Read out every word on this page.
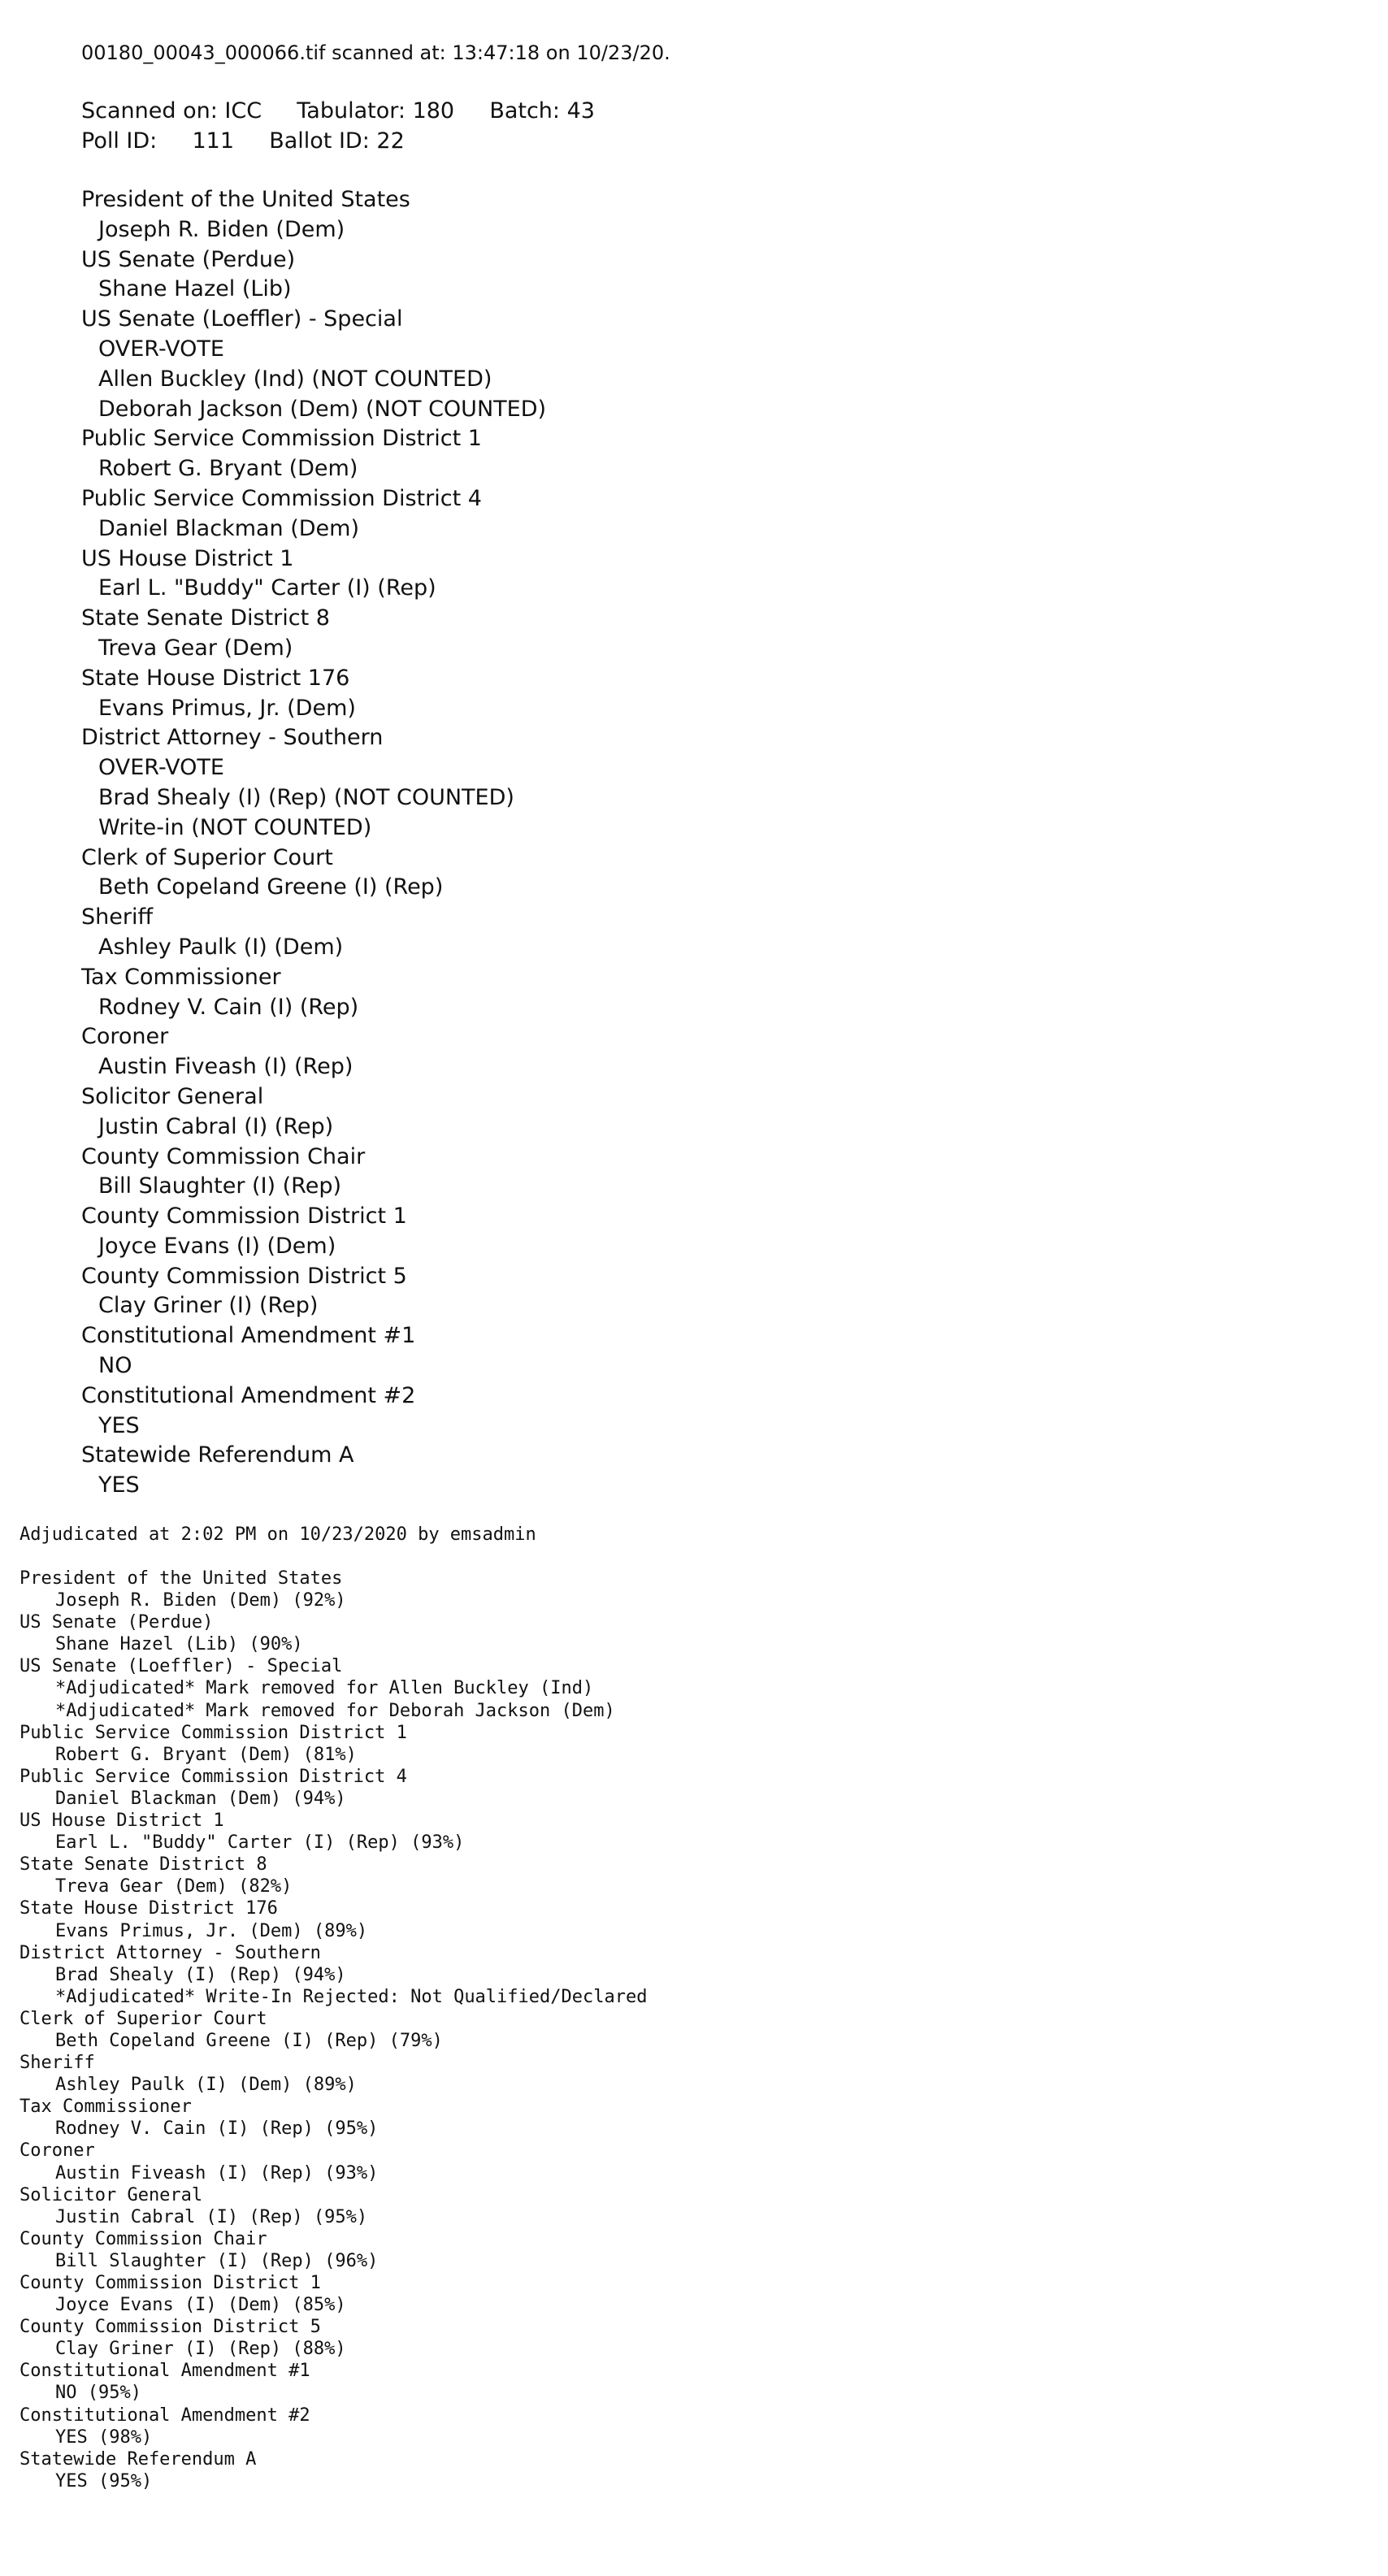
00180_00043_000066.tif scanned at: 13:47:18 on 10/23/20.
Scanned on: ICC Tabulator: 180 Batch: 43
Poll ID: 111 Ballot ID: 22
President of the United States
Joseph R. Biden (Dem)
US Senate (Perdue)
Shane Hazel (Lib)
US Senate (Loeffler) - Special
OVER-VOTE
Allen Buckley (Ind) (NOT COUNTED)
Deborah Jackson (Dem) (NOT COUNTED)
Public Service Commission District 1
Robert G. Bryant (Dem)
Public Service Commission District 4
Daniel Blackman (Dem)
US House District 1
Earl L. "Buddy" Carter (I) (Rep)
State Senate District 8
Treva Gear (Dem)
State House District 176
Evans Primus, Jr. (Dem)
District Attorney - Southern
OVER-VOTE
Brad Shealy (I) (Rep) (NOT COUNTED)
Write-in (NOT COUNTED)
Clerk of Superior Court
Beth Copeland Greene (I) (Rep)
Sheriff
Ashley Paulk (I) (Dem)
Tax Commissioner
Rodney V. Cain (I) (Rep)
Coroner
Austin Fiveash (I) (Rep)
Solicitor General
Justin Cabral (I) (Rep)
County Commission Chair
Bill Slaughter (I) (Rep)
County Commission District 1
Joyce Evans (I) (Dem)
County Commission District 5
Clay Griner (I) (Rep)
Constitutional Amendment #1
NO
Constitutional Amendment #2
YES
Statewide Referendum A
YES
Adjudicated at 2:02 PM on 10/23/2020 by emsadmin
President of the United States
Joseph R. Biden (Dem) (92%)
US Senate (Perdue)
Shane Hazel (Lib) (90%)
US Senate (Loeffler) - Special
*Adjudicated* Mark removed for Allen Buckley (Ind)
*Adjudicated* Mark removed for Deborah Jackson (Dem)
Public Service Commission District 1
Robert G. Bryant (Dem) (81%)
Public Service Commission District 4
Daniel Blackman (Dem) (94%)
US House District 1
Earl L. "Buddy" Carter (I) (Rep) (93%)
State Senate District 8
Treva Gear (Dem) (82%)
State House District 176
Evans Primus, Jr. (Dem) (89%)
District Attorney - Southern
Brad Shealy (I) (Rep) (94%)
*Adjudicated* Write-In Rejected: Not Qualified/Declared
Clerk of Superior Court
Beth Copeland Greene (I) (Rep) (79%)
Sheriff
Ashley Paulk (I) (Dem) (89%)
Tax Commissioner
Rodney V. Cain (I) (Rep) (95%)
Coroner
Austin Fiveash (I) (Rep) (93%)
Solicitor General
Justin Cabral (I) (Rep) (95%)
County Commission Chair
Bill Slaughter (I) (Rep) (96%)
County Commission District 1
Joyce Evans (I) (Dem) (85%)
County Commission District 5
Clay Griner (I) (Rep) (88%)
Constitutional Amendment #1
NO (95%)
Constitutional Amendment #2
YES (98%)
Statewide Referendum A
YES (95%)
